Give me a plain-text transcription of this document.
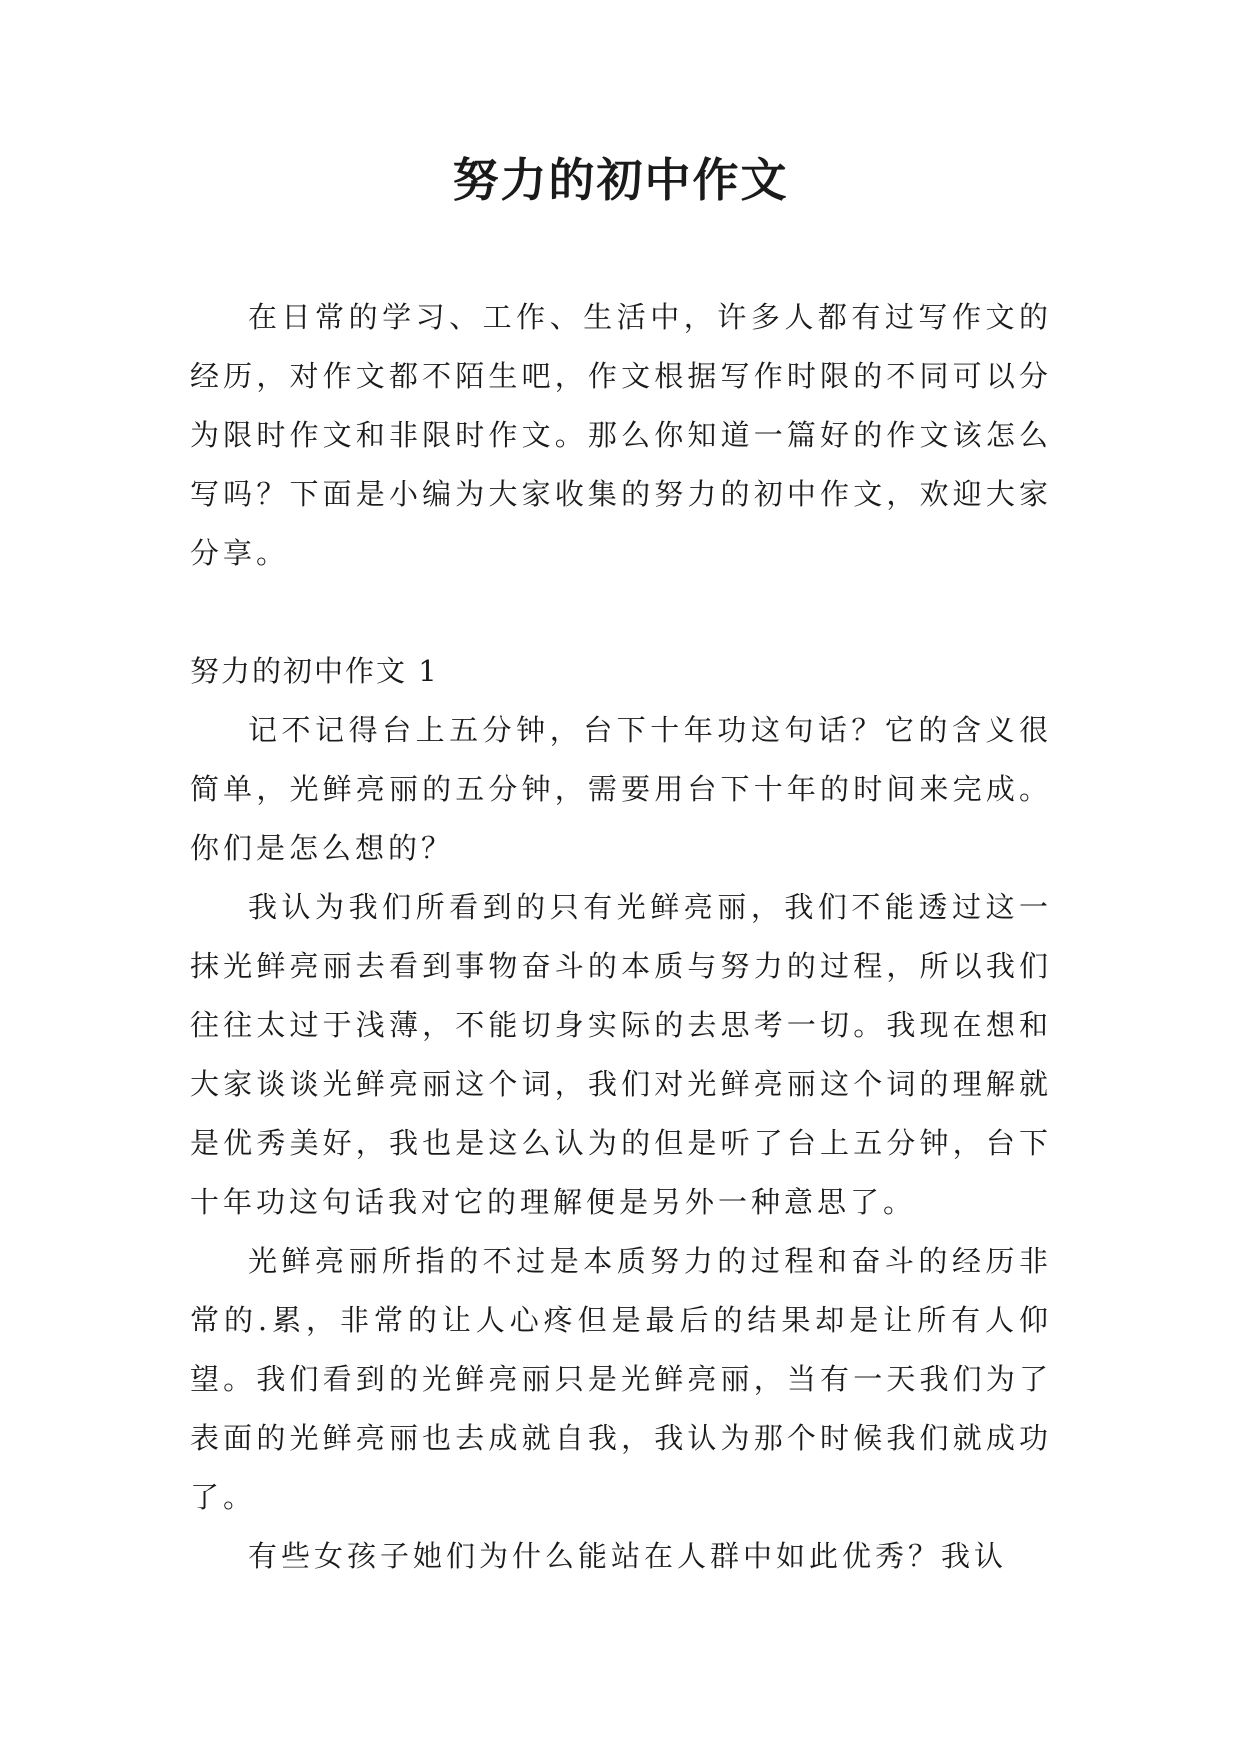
努力的初中作文

在日常的学习、工作、生活中，许多人都有过写作文的经历，对作文都不陌生吧，作文根据写作时限的不同可以分为限时作文和非限时作文。那么你知道一篇好的作文该怎么写吗？下面是小编为大家收集的努力的初中作文，欢迎大家分享。

努力的初中作文 1

记不记得台上五分钟，台下十年功这句话？它的含义很简单，光鲜亮丽的五分钟，需要用台下十年的时间来完成。你们是怎么想的？

我认为我们所看到的只有光鲜亮丽，我们不能透过这一抹光鲜亮丽去看到事物奋斗的本质与努力的过程，所以我们往往太过于浅薄，不能切身实际的去思考一切。我现在想和大家谈谈光鲜亮丽这个词，我们对光鲜亮丽这个词的理解就是优秀美好，我也是这么认为的但是听了台上五分钟，台下十年功这句话我对它的理解便是另外一种意思了。

光鲜亮丽所指的不过是本质努力的过程和奋斗的经历非常的.累，非常的让人心疼但是最后的结果却是让所有人仰望。我们看到的光鲜亮丽只是光鲜亮丽，当有一天我们为了表面的光鲜亮丽也去成就自我，我认为那个时候我们就成功了。

有些女孩子她们为什么能站在人群中如此优秀？我认
